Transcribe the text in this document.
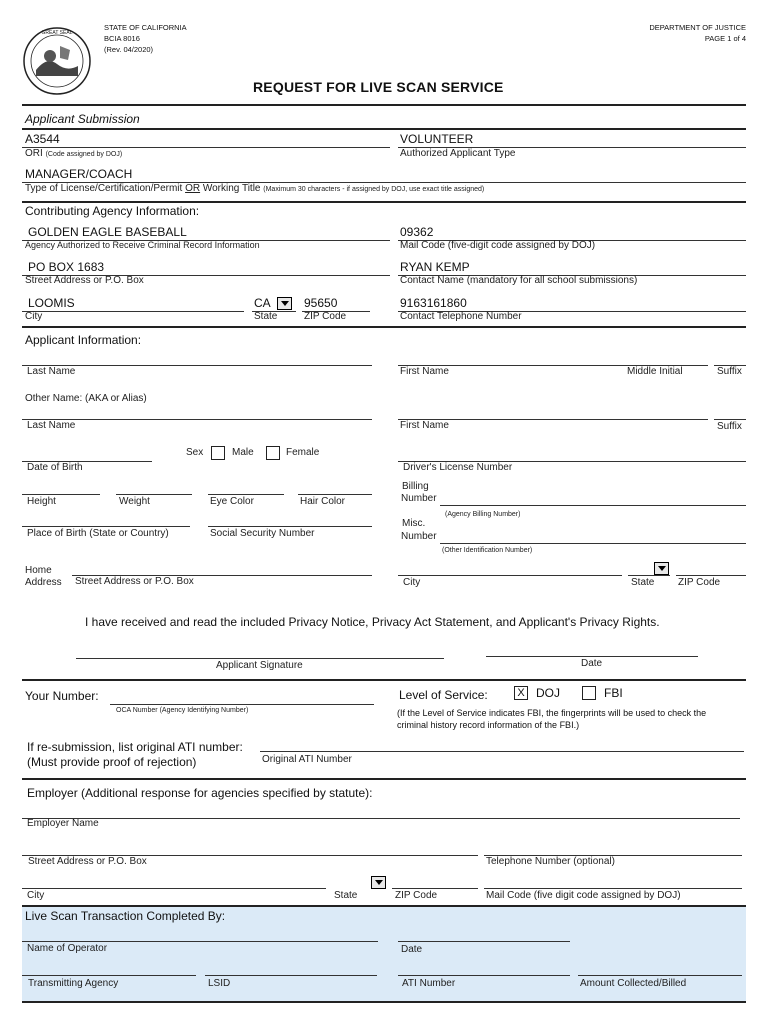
GREAT SEAL
STATE OF CALIFORNIA
BCIA 8016
(Rev. 04/2020)
DEPARTMENT OF JUSTICE
PAGE 1 of 4
REQUEST FOR LIVE SCAN SERVICE
Applicant Submission
A3544
ORI (Code assigned by DOJ)
VOLUNTEER
Authorized Applicant Type
MANAGER/COACH
Type of License/Certification/Permit OR Working Title (Maximum 30 characters - if assigned by DOJ, use exact title assigned)
Contributing Agency Information:
GOLDEN EAGLE BASEBALL
Agency Authorized to Receive Criminal Record Information
09362
Mail Code (five-digit code assigned by DOJ)
PO BOX 1683
Street Address or P.O. Box
RYAN KEMP
Contact Name (mandatory for all school submissions)
LOOMIS
City
CA
State
95650
ZIP Code
9163161860
Contact Telephone Number
Applicant Information:
Last Name	First Name	Middle Initial	Suffix
Other Name: (AKA or Alias)
Last Name	First Name	Suffix
Sex	Male	Female
Date of Birth	Driver's License Number
Height	Weight	Eye Color	Hair Color
Billing
Number
(Agency Billing Number)
Place of Birth (State or Country)	Social Security Number
Misc.
Number
(Other Identification Number)
Home
Address Street Address or P.O. Box	City	State ZIP Code
I have received and read the included Privacy Notice, Privacy Act Statement, and Applicant's Privacy Rights.
Applicant Signature	Date
Your Number:
OCA Number (Agency Identifying Number)
Level of Service:	X DOJ	FBI
(If the Level of Service indicates FBI, the fingerprints will be used to check the
criminal history record information of the FBI.)
If re-submission, list original ATI number:
(Must provide proof of rejection)	Original ATI Number
Employer (Additional response for agencies specified by statute):
Employer Name
Street Address or P.O. Box	Telephone Number (optional)
City	State	ZIP Code	Mail Code (five digit code assigned by DOJ)
Live Scan Transaction Completed By:
Name of Operator	Date
Transmitting Agency	LSID	ATI Number	Amount Collected/Billed
